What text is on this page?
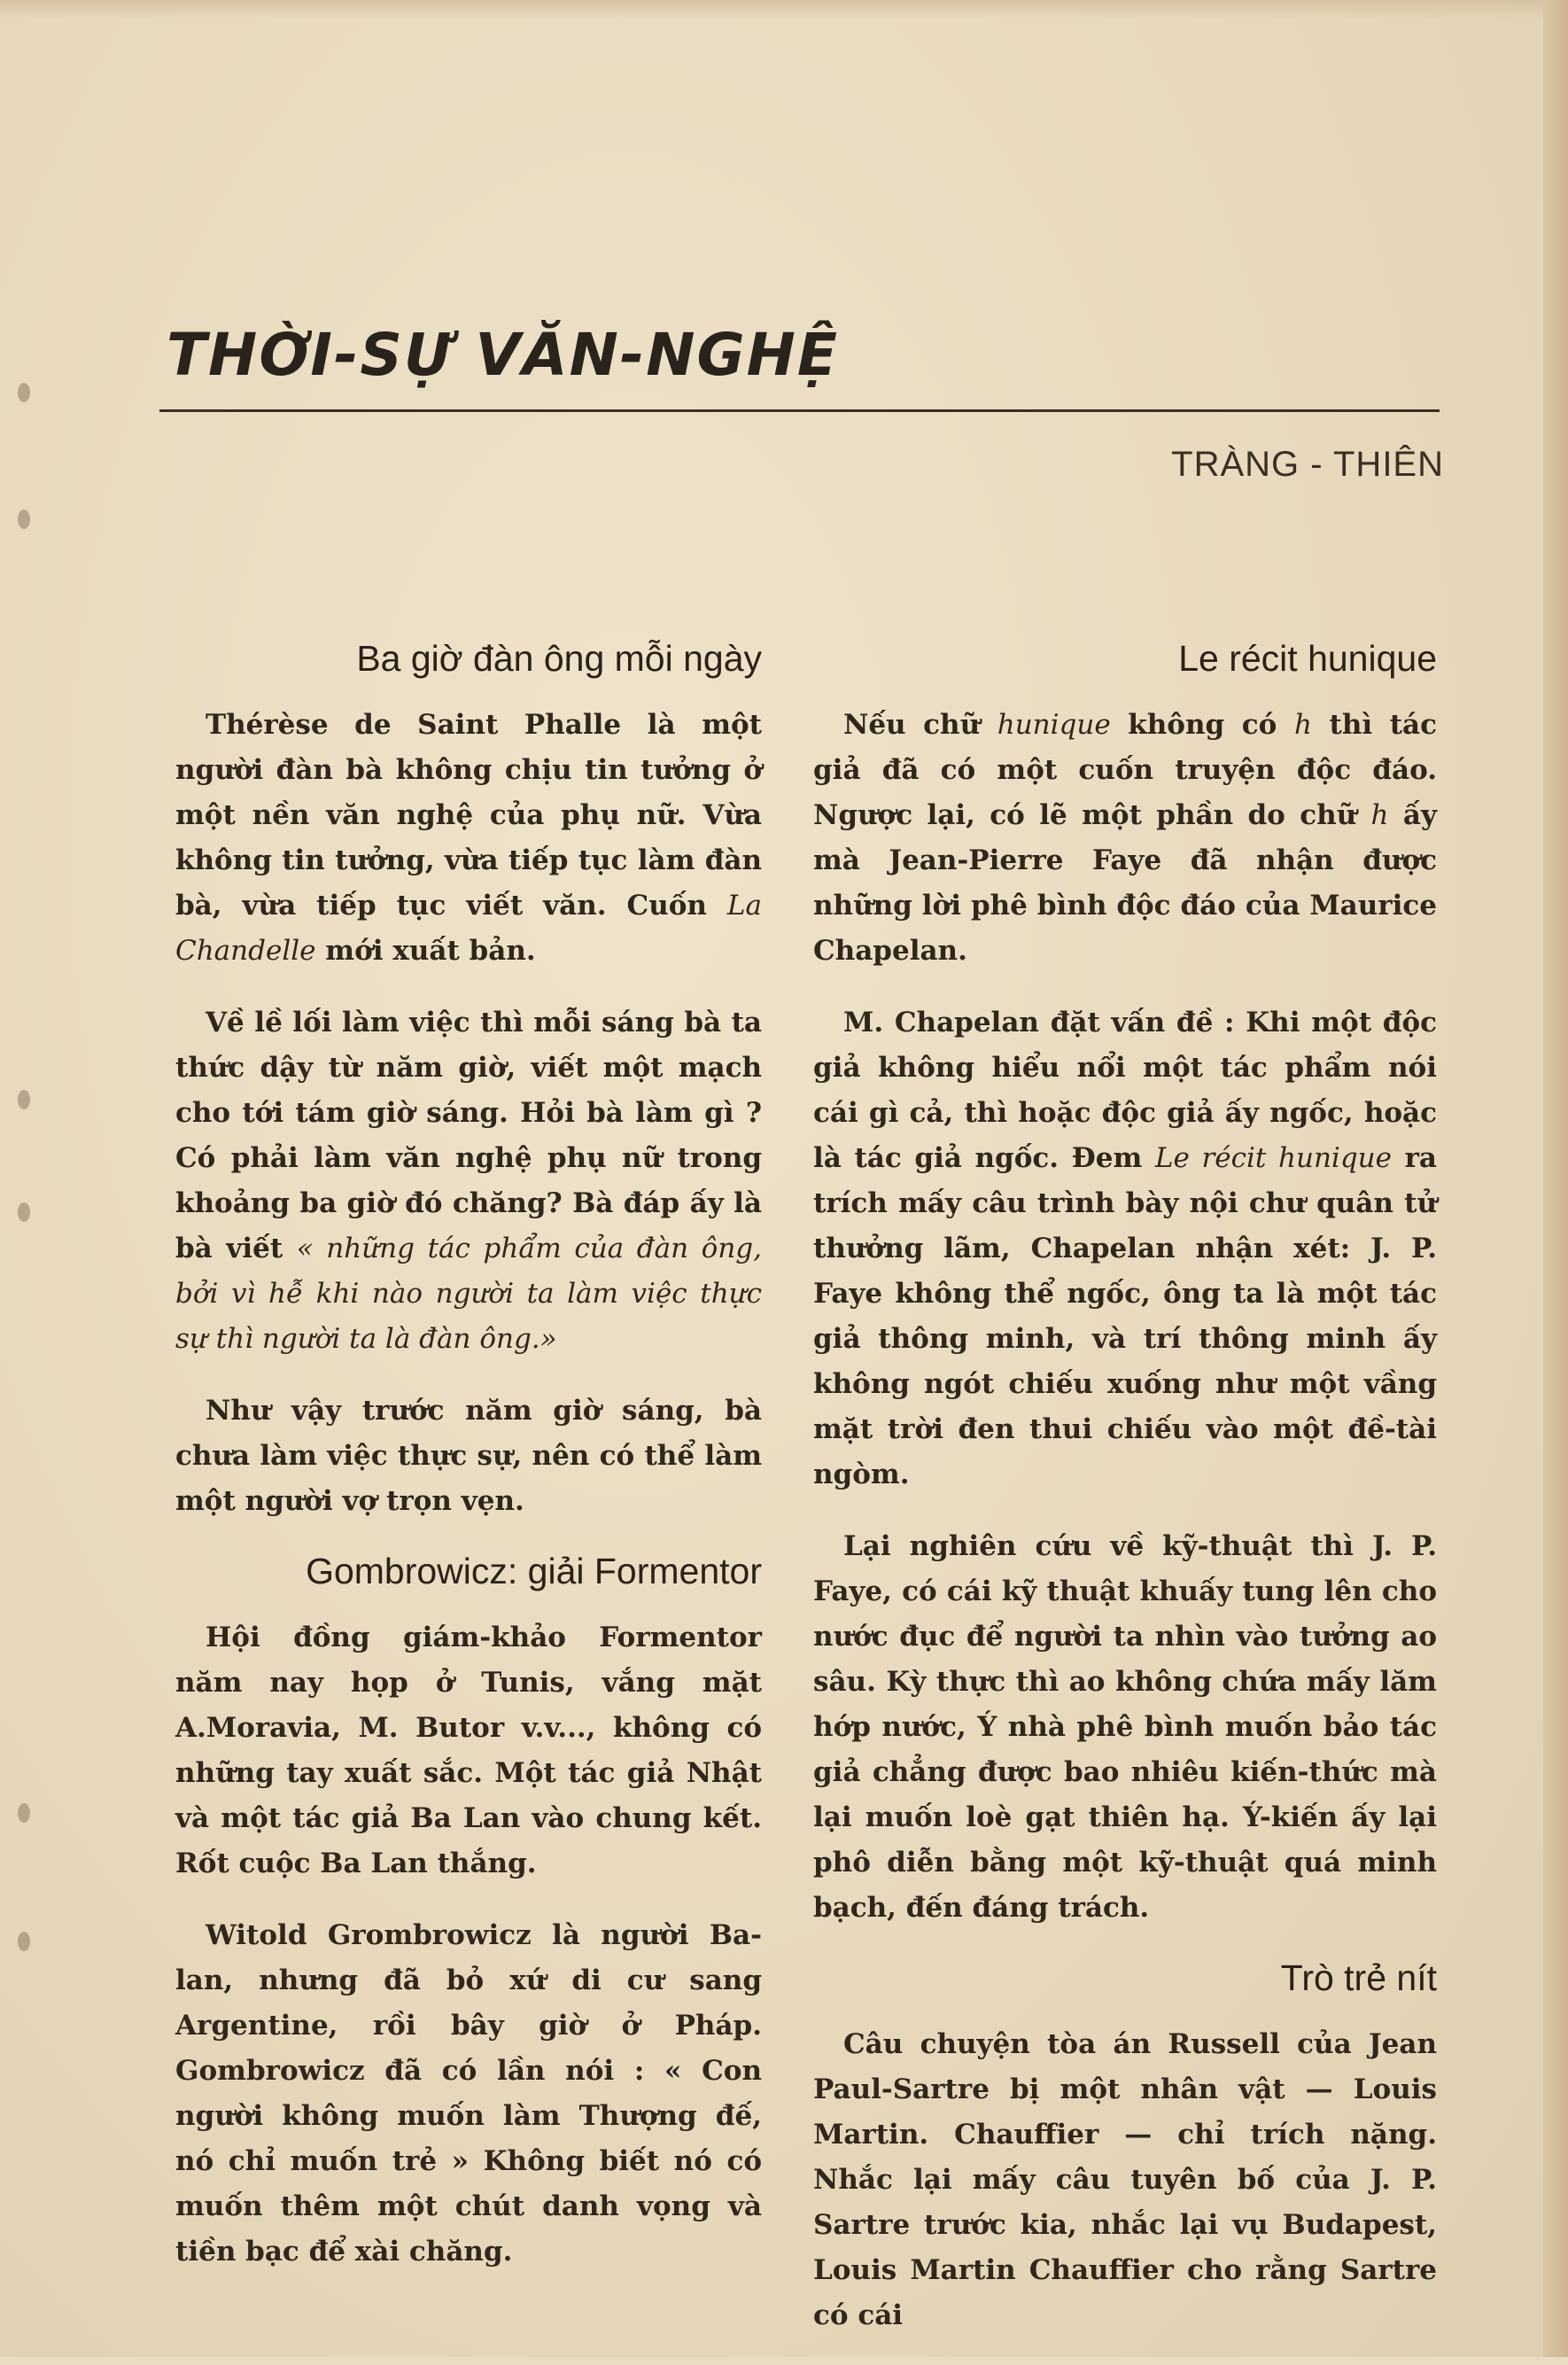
THỜI-SỰ VĂN-NGHỆ
TRÀNG - THIÊN
Ba giờ đàn ông mỗi ngày

Thérèse de Saint Phalle là một người đàn bà không chịu tin tưởng ở một nền văn nghệ của phụ nữ. Vừa không tin tưởng, vừa tiếp tục làm đàn bà, vừa tiếp tục viết văn. Cuốn La Chandelle mới xuất bản.

Về lề lối làm việc thì mỗi sáng bà ta thức dậy từ năm giờ, viết một mạch cho tới tám giờ sáng. Hỏi bà làm gì ? Có phải làm văn nghệ phụ nữ trong khoảng ba giờ đó chăng? Bà đáp ấy là bà viết « những tác phẩm của đàn ông, bởi vì hễ khi nào người ta làm việc thực sự thì người ta là đàn ông.»

Như vậy trước năm giờ sáng, bà chưa làm việc thực sự, nên có thể làm một người vợ trọn vẹn.

Gombrowicz: giải Formentor

Hội đồng giám-khảo Formentor năm nay họp ở Tunis, vắng mặt A.Moravia, M. Butor v.v..., không có những tay xuất sắc. Một tác giả Nhật và một tác giả Ba Lan vào chung kết. Rốt cuộc Ba Lan thắng.

Witold Grombrowicz là người Ba-lan, nhưng đã bỏ xứ di cư sang Argentine, rồi bây giờ ở Pháp. Gombrowicz đã có lần nói : « Con người không muốn làm Thượng đế, nó chỉ muốn trẻ » Không biết nó có muốn thêm một chút danh vọng và tiền bạc để xài chăng.

Le récit hunique

Nếu chữ hunique không có h thì tác giả đã có một cuốn truyện độc đáo. Ngược lại, có lẽ một phần do chữ h ấy mà Jean-Pierre Faye đã nhận được những lời phê bình độc đáo của Maurice Chapelan.

M. Chapelan đặt vấn đề : Khi một độc giả không hiểu nổi một tác phẩm nói cái gì cả, thì hoặc độc giả ấy ngốc, hoặc là tác giả ngốc. Đem Le récit hunique ra trích mấy câu trình bày nội chư quân tử thưởng lãm, Chapelan nhận xét: J. P. Faye không thể ngốc, ông ta là một tác giả thông minh, và trí thông minh ấy không ngót chiếu xuống như một vầng mặt trời đen thui chiếu vào một đề-tài ngòm.

Lại nghiên cứu về kỹ-thuật thì J. P. Faye, có cái kỹ thuật khuấy tung lên cho nước đục để người ta nhìn vào tưởng ao sâu. Kỳ thực thì ao không chứa mấy lăm hớp nước, Ý nhà phê bình muốn bảo tác giả chẳng được bao nhiêu kiến-thức mà lại muốn loè gạt thiên hạ. Ý-kiến ấy lại phô diễn bằng một kỹ-thuật quá minh bạch, đến đáng trách.

Trò trẻ nít

Câu chuyện tòa án Russell của Jean Paul-Sartre bị một nhân vật — Louis Martin. Chauffier — chỉ trích nặng. Nhắc lại mấy câu tuyên bố của J. P. Sartre trước kia, nhắc lại vụ Budapest, Louis Martin Chauffier cho rằng Sartre có cái
